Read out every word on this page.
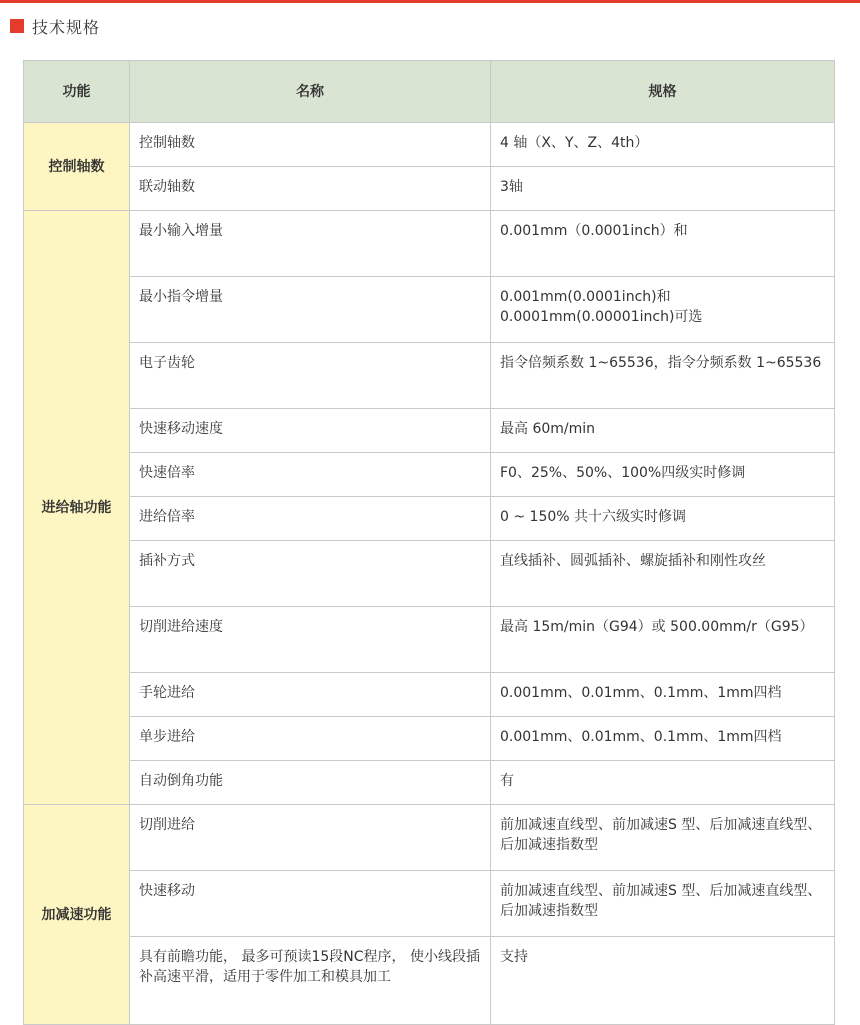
技术规格
功能	名称	规格
控制轴数	控制轴数	4 轴（X、Y、Z、4th）
	联动轴数	3轴
进给轴功能	最小输入增量	0.001mm（0.0001inch）和
	最小指令增量	0.001mm(0.0001inch)和 0.0001mm(0.00001inch)可选
	电子齿轮	指令倍频系数 1~65536，指令分频系数 1~65536
	快速移动速度	最高 60m/min
	快速倍率	F0、25%、50%、100%四级实时修调
	进给倍率	0 ~ 150% 共十六级实时修调
	插补方式	直线插补、圆弧插补、螺旋插补和刚性攻丝
	切削进给速度	最高 15m/min（G94）或 500.00mm/r（G95）
	手轮进给	0.001mm、0.01mm、0.1mm、1mm四档
	单步进给	0.001mm、0.01mm、0.1mm、1mm四档
	自动倒角功能	有
加减速功能	切削进给	前加减速直线型、前加减速S 型、后加减速直线型、后加减速指数型
	快速移动	前加减速直线型、前加减速S 型、后加减速直线型、后加减速指数型
	具有前瞻功能， 最多可预读15段NC程序， 使小线段插补高速平滑，适用于零件加工和模具加工	支持
